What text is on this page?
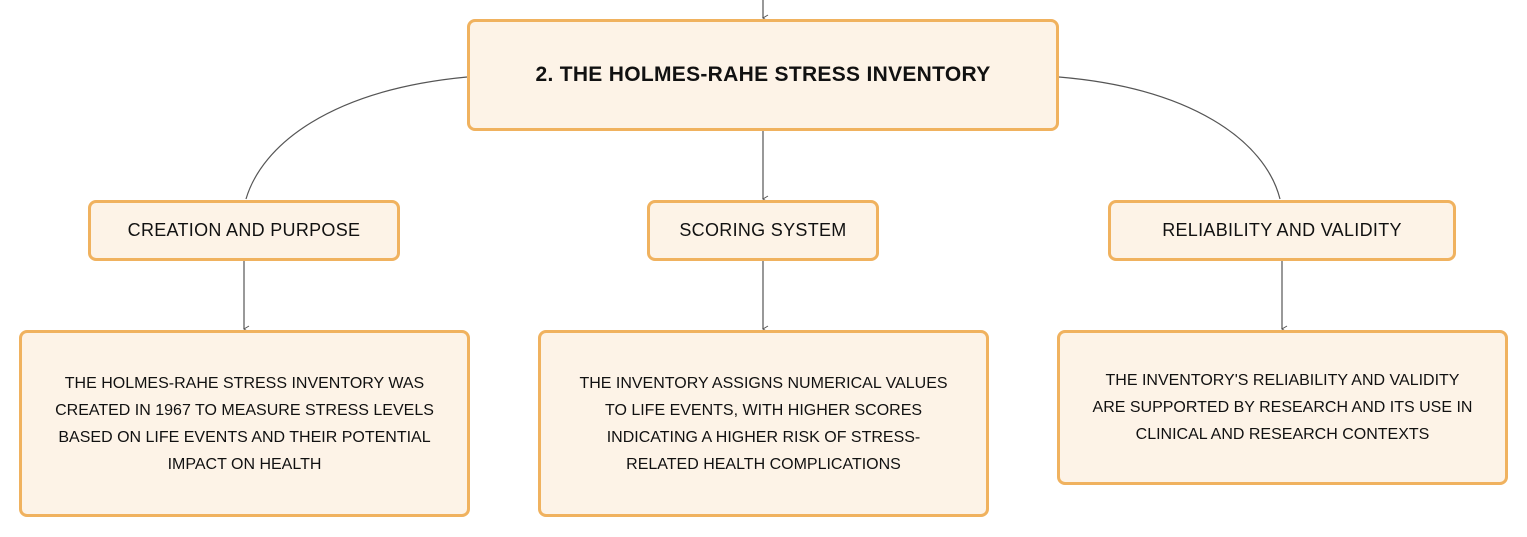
2. THE HOLMES-RAHE STRESS INVENTORY
CREATION AND PURPOSE	SCORING SYSTEM	RELIABILITY AND VALIDITY
THE HOLMES-RAHE STRESS INVENTORY WAS CREATED IN 1967 TO MEASURE STRESS LEVELS BASED ON LIFE EVENTS AND THEIR POTENTIAL IMPACT ON HEALTH
THE INVENTORY ASSIGNS NUMERICAL VALUES TO LIFE EVENTS, WITH HIGHER SCORES INDICATING A HIGHER RISK OF STRESS-RELATED HEALTH COMPLICATIONS
THE INVENTORY'S RELIABILITY AND VALIDITY ARE SUPPORTED BY RESEARCH AND ITS USE IN CLINICAL AND RESEARCH CONTEXTS
